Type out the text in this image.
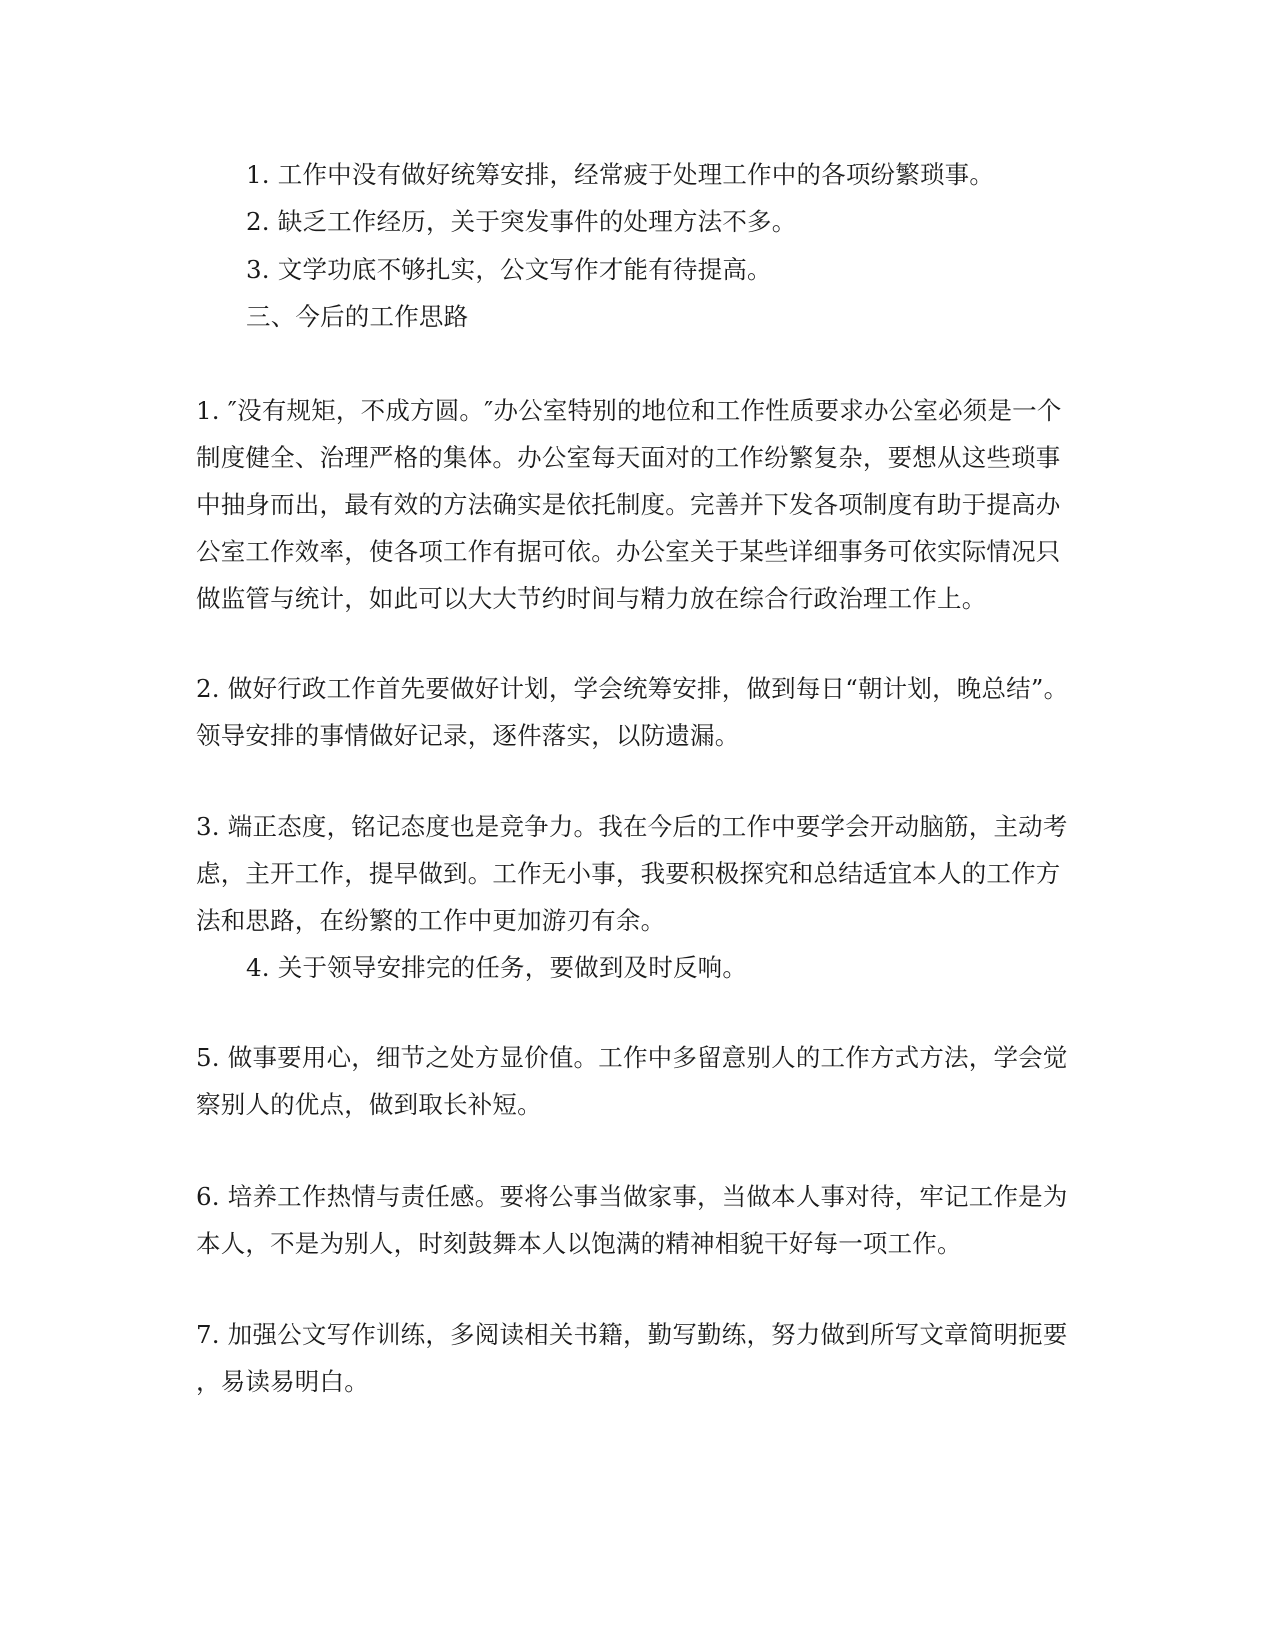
1. 工作中没有做好统筹安排，经常疲于处理工作中的各项纷繁琐事。
2. 缺乏工作经历，关于突发事件的处理方法不多。
3. 文学功底不够扎实，公文写作才能有待提高。
三、今后的工作思路
1. ″没有规矩，不成方圆。″办公室特别的地位和工作性质要求办公室必须是一个
制度健全、治理严格的集体。办公室每天面对的工作纷繁复杂，要想从这些琐事
中抽身而出，最有效的方法确实是依托制度。完善并下发各项制度有助于提高办
公室工作效率，使各项工作有据可依。办公室关于某些详细事务可依实际情况只
做监管与统计，如此可以大大节约时间与精力放在综合行政治理工作上。
2. 做好行政工作首先要做好计划，学会统筹安排，做到每日“朝计划，晚总结”。
领导安排的事情做好记录，逐件落实，以防遗漏。
3. 端正态度，铭记态度也是竞争力。我在今后的工作中要学会开动脑筋，主动考
虑，主开工作，提早做到。工作无小事，我要积极探究和总结适宜本人的工作方
法和思路，在纷繁的工作中更加游刃有余。
4. 关于领导安排完的任务，要做到及时反响。
5. 做事要用心，细节之处方显价值。工作中多留意别人的工作方式方法，学会觉
察别人的优点，做到取长补短。
6. 培养工作热情与责任感。要将公事当做家事，当做本人事对待，牢记工作是为
本人，不是为别人，时刻鼓舞本人以饱满的精神相貌干好每一项工作。
7. 加强公文写作训练，多阅读相关书籍，勤写勤练，努力做到所写文章简明扼要
，易读易明白。
